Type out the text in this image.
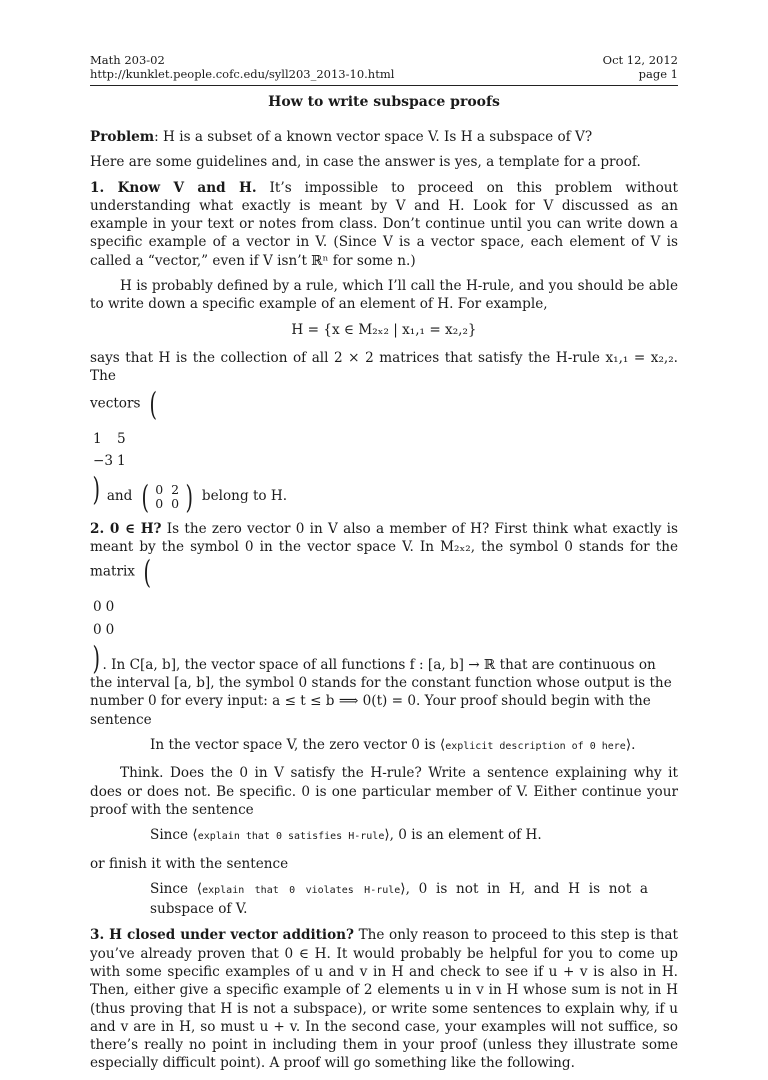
Math 203-02	Oct 12, 2012
http://kunklet.people.cofc.edu/syll203_2013-10.html	page 1
How to write subspace proofs

Problem: H is a subset of a known vector space V. Is H a subspace of V?

Here are some guidelines and, in case the answer is yes, a template for a proof.

1. Know V and H. It’s impossible to proceed on this problem without understanding what exactly is meant by V and H. Look for V discussed as an example in your text or notes from class. Don’t continue until you can write down a specific example of a vector in V. (Since V is a vector space, each element of V is called a “vector,” even if V isn’t ℝⁿ for some n.)

H is probably defined by a rule, which I’ll call the H-rule, and you should be able to write down a specific example of an element of H. For example,

H = {x ∈ M₂ₓ₂ | x₁,₁ = x₂,₂}

says that H is the collection of all 2 × 2 matrices that satisfy the H-rule x₁,₁ = x₂,₂. The

vectors (

1	5
−3	1
) and ( 0	2
0	0 ) belong to H.

2. 0 ∈ H? Is the zero vector 0 in V also a member of H? First think what exactly is meant by the symbol 0 in the vector space V. In M₂ₓ₂, the symbol 0 stands for the matrix (

0	0
0	0
) . In C[a, b], the vector space of all functions f : [a, b] → ℝ that are continuous on the interval [a, b], the symbol 0 stands for the constant function whose output is the number 0 for every input: a ≤ t ≤ b ⟹ 0(t) = 0. Your proof should begin with the sentence

In the vector space V, the zero vector 0 is ⟨explicit description of 0 here⟩.

Think. Does the 0 in V satisfy the H-rule? Write a sentence explaining why it does or does not. Be specific. 0 is one particular member of V. Either continue your proof with the sentence

Since ⟨explain that 0 satisfies H-rule⟩, 0 is an element of H.

or finish it with the sentence

Since ⟨explain that 0 violates H-rule⟩, 0 is not in H, and H is not a subspace of V.

3. H closed under vector addition? The only reason to proceed to this step is that you’ve already proven that 0 ∈ H. It would probably be helpful for you to come up with some specific examples of u and v in H and check to see if u + v is also in H. Then, either give a specific example of 2 elements u in v in H whose sum is not in H (thus proving that H is not a subspace), or write some sentences to explain why, if u and v are in H, so must u + v. In the second case, your examples will not suffice, so there’s really no point in including them in your proof (unless they illustrate some especially difficult point). A proof will go something like the following.
